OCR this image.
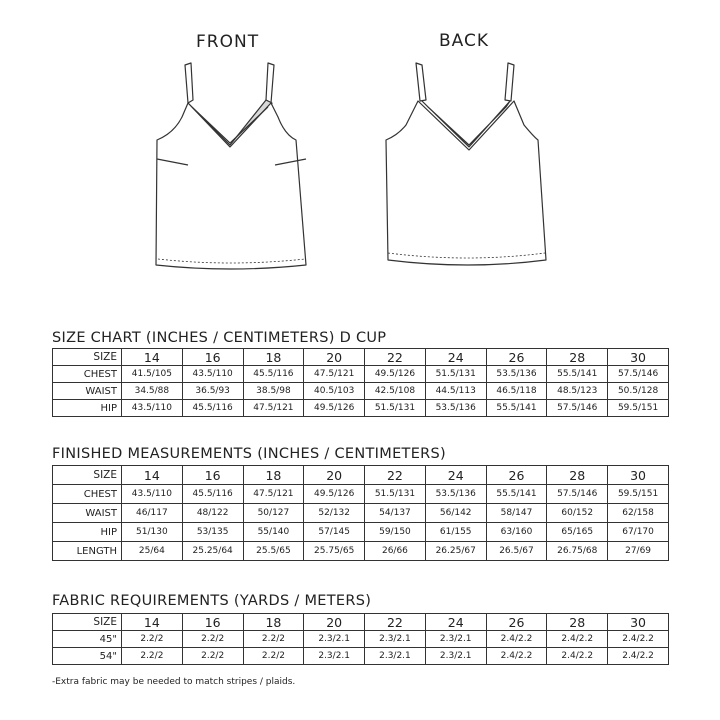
FRONT	BACK
SIZE CHART (INCHES / CENTIMETERS) D CUP
SIZE	14	16	18	20	22	24	26	28	30
CHEST	41.5/105	43.5/110	45.5/116	47.5/121	49.5/126	51.5/131	53.5/136	55.5/141	57.5/146
WAIST	34.5/88	36.5/93	38.5/98	40.5/103	42.5/108	44.5/113	46.5/118	48.5/123	50.5/128
HIP	43.5/110	45.5/116	47.5/121	49.5/126	51.5/131	53.5/136	55.5/141	57.5/146	59.5/151
FINISHED MEASUREMENTS (INCHES / CENTIMETERS)
SIZE	14	16	18	20	22	24	26	28	30
CHEST	43.5/110	45.5/116	47.5/121	49.5/126	51.5/131	53.5/136	55.5/141	57.5/146	59.5/151
WAIST	46/117	48/122	50/127	52/132	54/137	56/142	58/147	60/152	62/158
HIP	51/130	53/135	55/140	57/145	59/150	61/155	63/160	65/165	67/170
LENGTH	25/64	25.25/64	25.5/65	25.75/65	26/66	26.25/67	26.5/67	26.75/68	27/69
FABRIC REQUIREMENTS (YARDS / METERS)
SIZE	14	16	18	20	22	24	26	28	30
45"	2.2/2	2.2/2	2.2/2	2.3/2.1	2.3/2.1	2.3/2.1	2.4/2.2	2.4/2.2	2.4/2.2
54"	2.2/2	2.2/2	2.2/2	2.3/2.1	2.3/2.1	2.3/2.1	2.4/2.2	2.4/2.2	2.4/2.2
-Extra fabric may be needed to match stripes / plaids.
